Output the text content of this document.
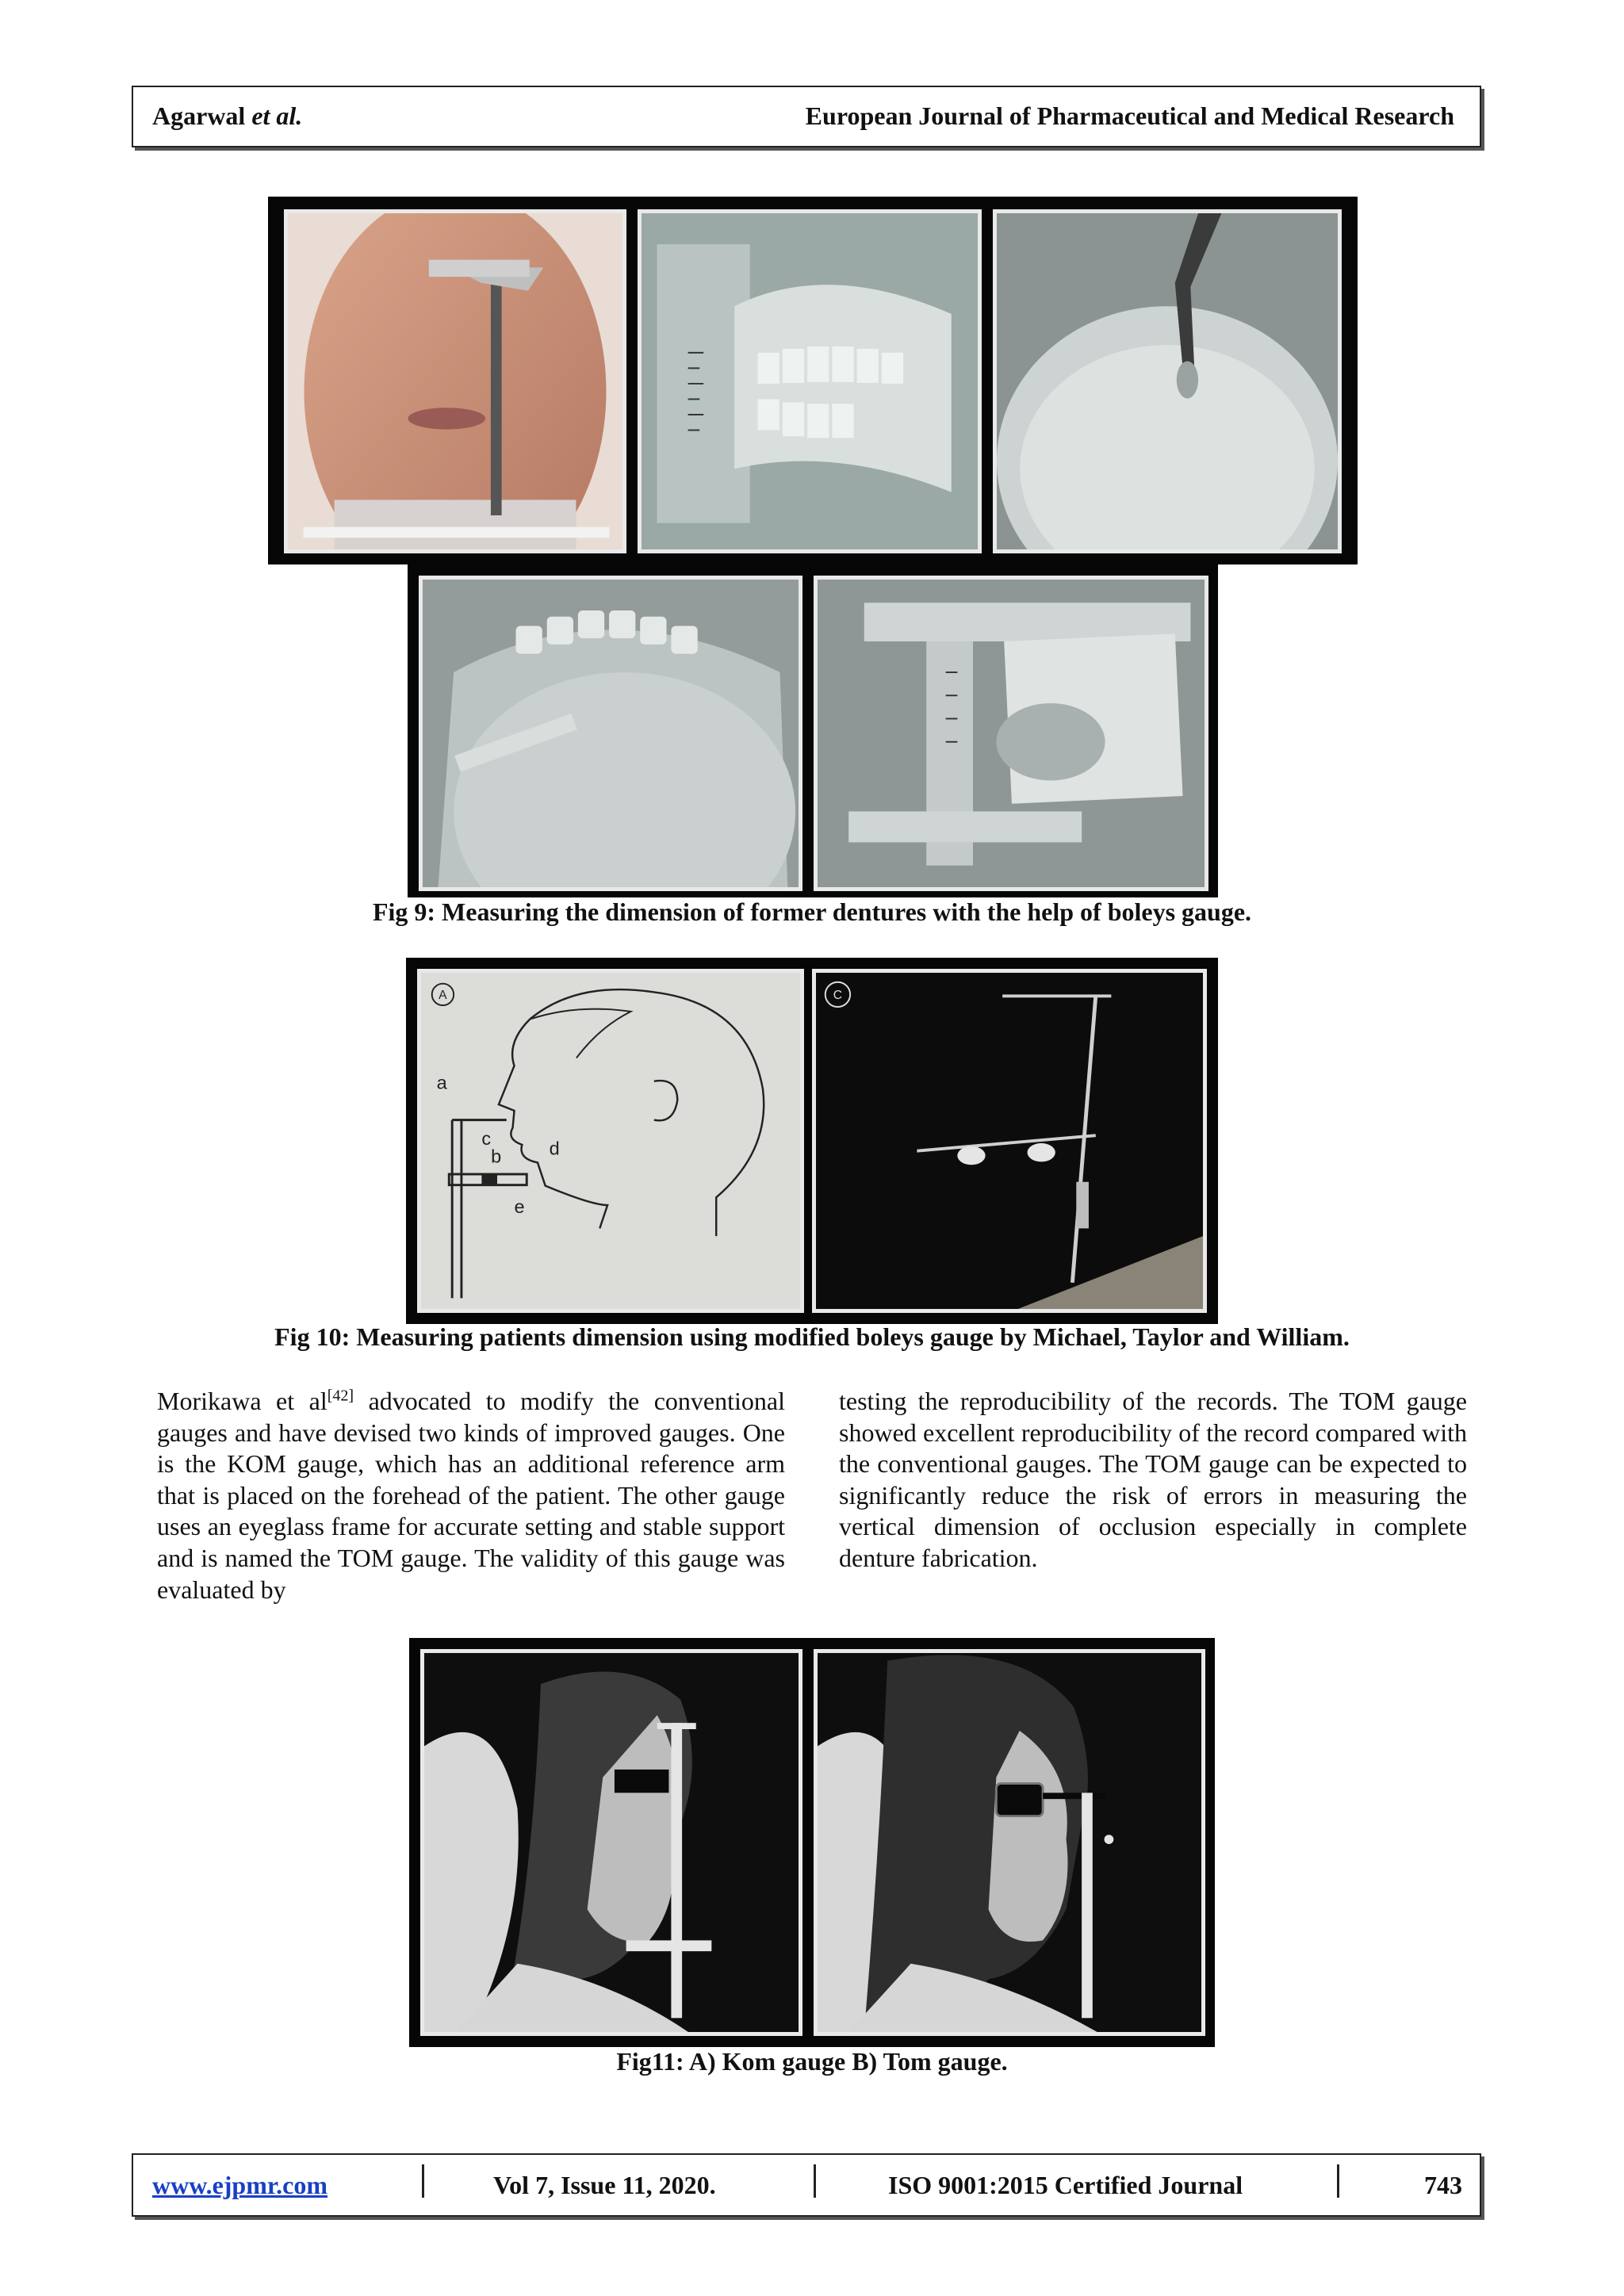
Agarwal et al.	European Journal of Pharmaceutical and Medical Research
Fig 9: Measuring the dimension of former dentures with the help of boleys gauge.
A
a
c
b	d
e
C
Fig 10: Measuring patients dimension using modified boleys gauge by Michael, Taylor and William.
Morikawa et al[42] advocated to modify the conventional gauges and have devised two kinds of improved gauges. One is the KOM gauge, which has an additional reference arm that is placed on the forehead of the patient. The other gauge uses an eyeglass frame for accurate setting and stable support and is named the TOM gauge. The validity of this gauge was evaluated by
testing the reproducibility of the records. The TOM gauge showed excellent reproducibility of the record compared with the conventional gauges. The TOM gauge can be expected to significantly reduce the risk of errors in measuring the vertical dimension of occlusion especially in complete denture fabrication.
Fig11: A) Kom gauge B) Tom gauge.
www.ejpmr.com	Vol 7, Issue 11, 2020.	ISO 9001:2015 Certified Journal	743
